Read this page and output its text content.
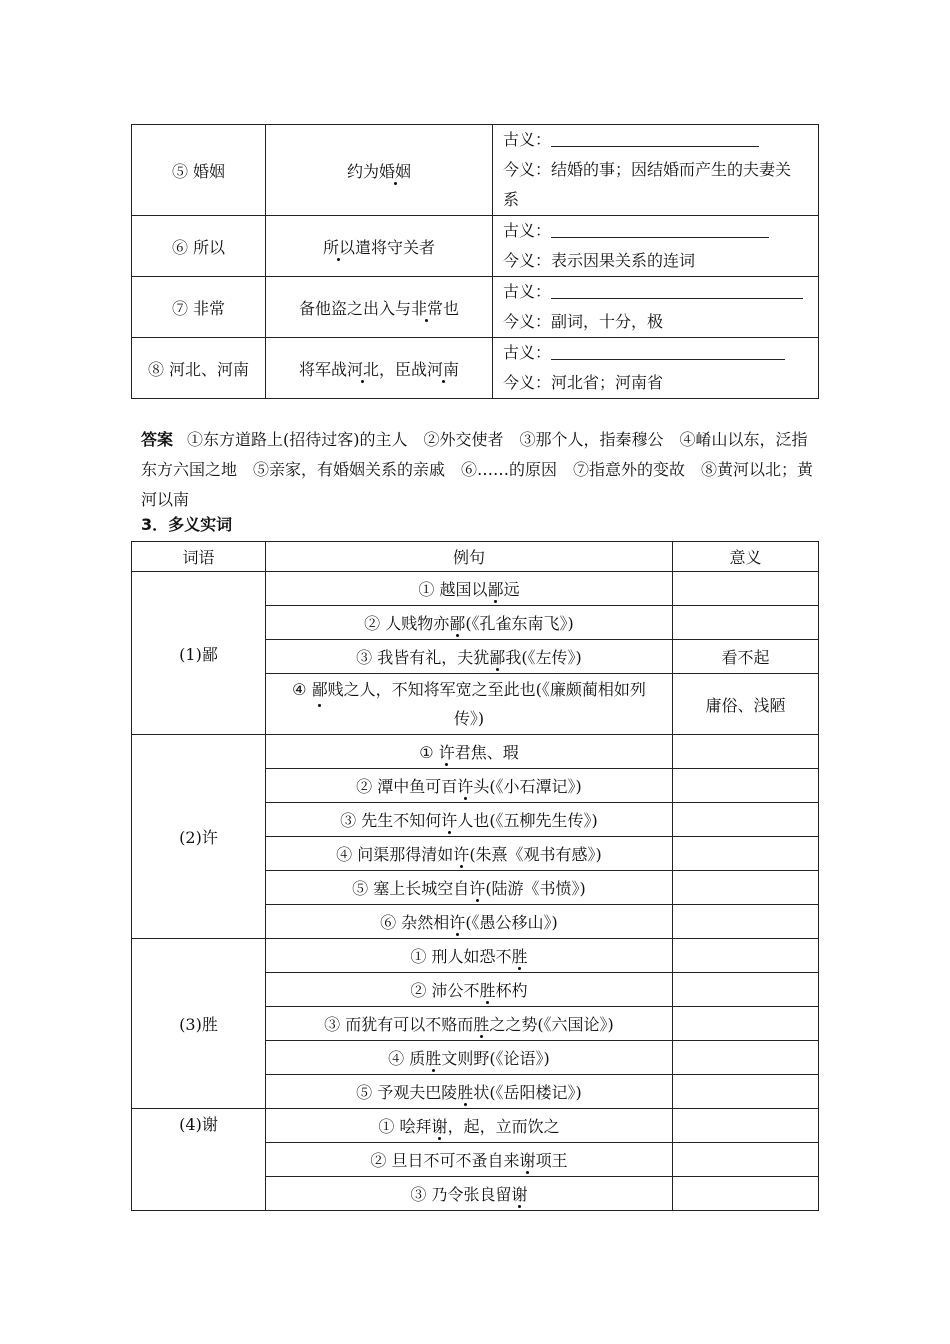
⑤ 婚姻	约为婚姻	古义：
今义：结婚的事；因结婚而产生的夫妻关
系

⑥ 所以	所以遣将守关者	古义：
今义：表示因果关系的连词

⑦ 非常	备他盗之出入与非常也	古义：
今义：副词，十分，极

⑧ 河北、河南	将军战河北，臣战河南	古义：
今义：河北省；河南省
答案 ①东方道路上(招待过客)的主人　②外交使者　③那个人，指秦穆公　④崤山以东，泛指东方六国之地　⑤亲家，有婚姻关系的亲戚　⑥……的原因　⑦指意外的变故　⑧黄河以北；黄河以南
3．多义实词
词语	例句	意义
(1)鄙	① 越国以鄙远	
	② 人贱物亦鄙(《孔雀东南飞》)	
	③ 我皆有礼，夫犹鄙我(《左传》)	看不起
	④ 鄙贱之人，不知将军宽之至此也(《廉颇蔺相如列
传》)	庸俗、浅陋
(2)许	① 许君焦、瑕	
	② 潭中鱼可百许头(《小石潭记》)	
	③ 先生不知何许人也(《五柳先生传》)	
	④ 问渠那得清如许(朱熹《观书有感》)	
	⑤ 塞上长城空自许(陆游《书愤》)	
	⑥ 杂然相许(《愚公移山》)	
(3)胜	① 刑人如恐不胜	
	② 沛公不胜杯杓	
	③ 而犹有可以不赂而胜之之势(《六国论》)	
	④ 质胜文则野(《论语》)	
	⑤ 予观夫巴陵胜状(《岳阳楼记》)	
(4)谢	① 哙拜谢，起，立而饮之	
	② 旦日不可不蚤自来谢项王	
	③ 乃令张良留谢	
